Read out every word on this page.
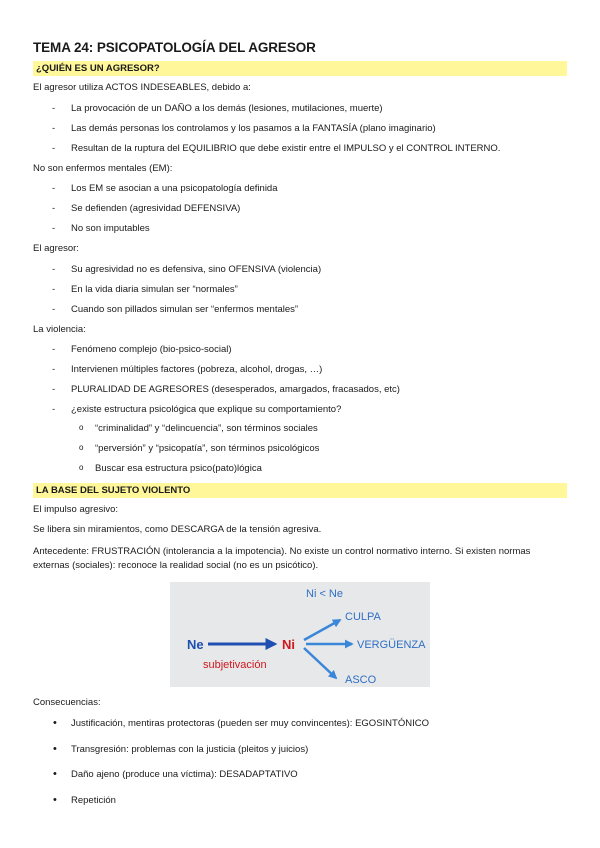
TEMA 24: PSICOPATOLOGÍA DEL AGRESOR
¿QUIÉN ES UN AGRESOR?

El agresor utiliza ACTOS INDESEABLES, debido a:

- La provocación de un DAÑO a los demás (lesiones, mutilaciones, muerte)
- Las demás personas los controlamos y los pasamos a la FANTASÍA (plano imaginario)
- Resultan de la ruptura del EQUILIBRIO que debe existir entre el IMPULSO y el CONTROL INTERNO.

No son enfermos mentales (EM):

- Los EM se asocian a una psicopatología definida
- Se defienden (agresividad DEFENSIVA)
- No son imputables

El agresor:

- Su agresividad no es defensiva, sino OFENSIVA (violencia)
- En la vida diaria simulan ser “normales”
- Cuando son pillados simulan ser “enfermos mentales”

La violencia:

- Fenómeno complejo (bio-psico-social)
- Intervienen múltiples factores (pobreza, alcohol, drogas, …)
- PLURALIDAD DE AGRESORES (desesperados, amargados, fracasados, etc)
- ¿existe estructura psicológica que explique su comportamiento?
o “criminalidad” y “delincuencia”, son términos sociales
o “perversión” y “psicopatía”, son términos psicológicos
o Buscar esa estructura psico(pato)lógica
LA BASE DEL SUJETO VIOLENTO

El impulso agresivo:

Se libera sin miramientos, como DESCARGA de la tensión agresiva.

Antecedente: FRUSTRACIÓN (intolerancia a la impotencia). No existe un control normativo interno. Si existen normas externas (sociales): reconoce la realidad social (no es un psicótico).

Ne
subjetivación
Ni
Ni < Ne
CULPA
VERGÜENZA
ASCO

Consecuencias:

• Justificación, mentiras protectoras (pueden ser muy convincentes): EGOSINTÓNICO
• Transgresión: problemas con la justicia (pleitos y juicios)
• Daño ajeno (produce una víctima): DESADAPTATIVO
• Repetición
